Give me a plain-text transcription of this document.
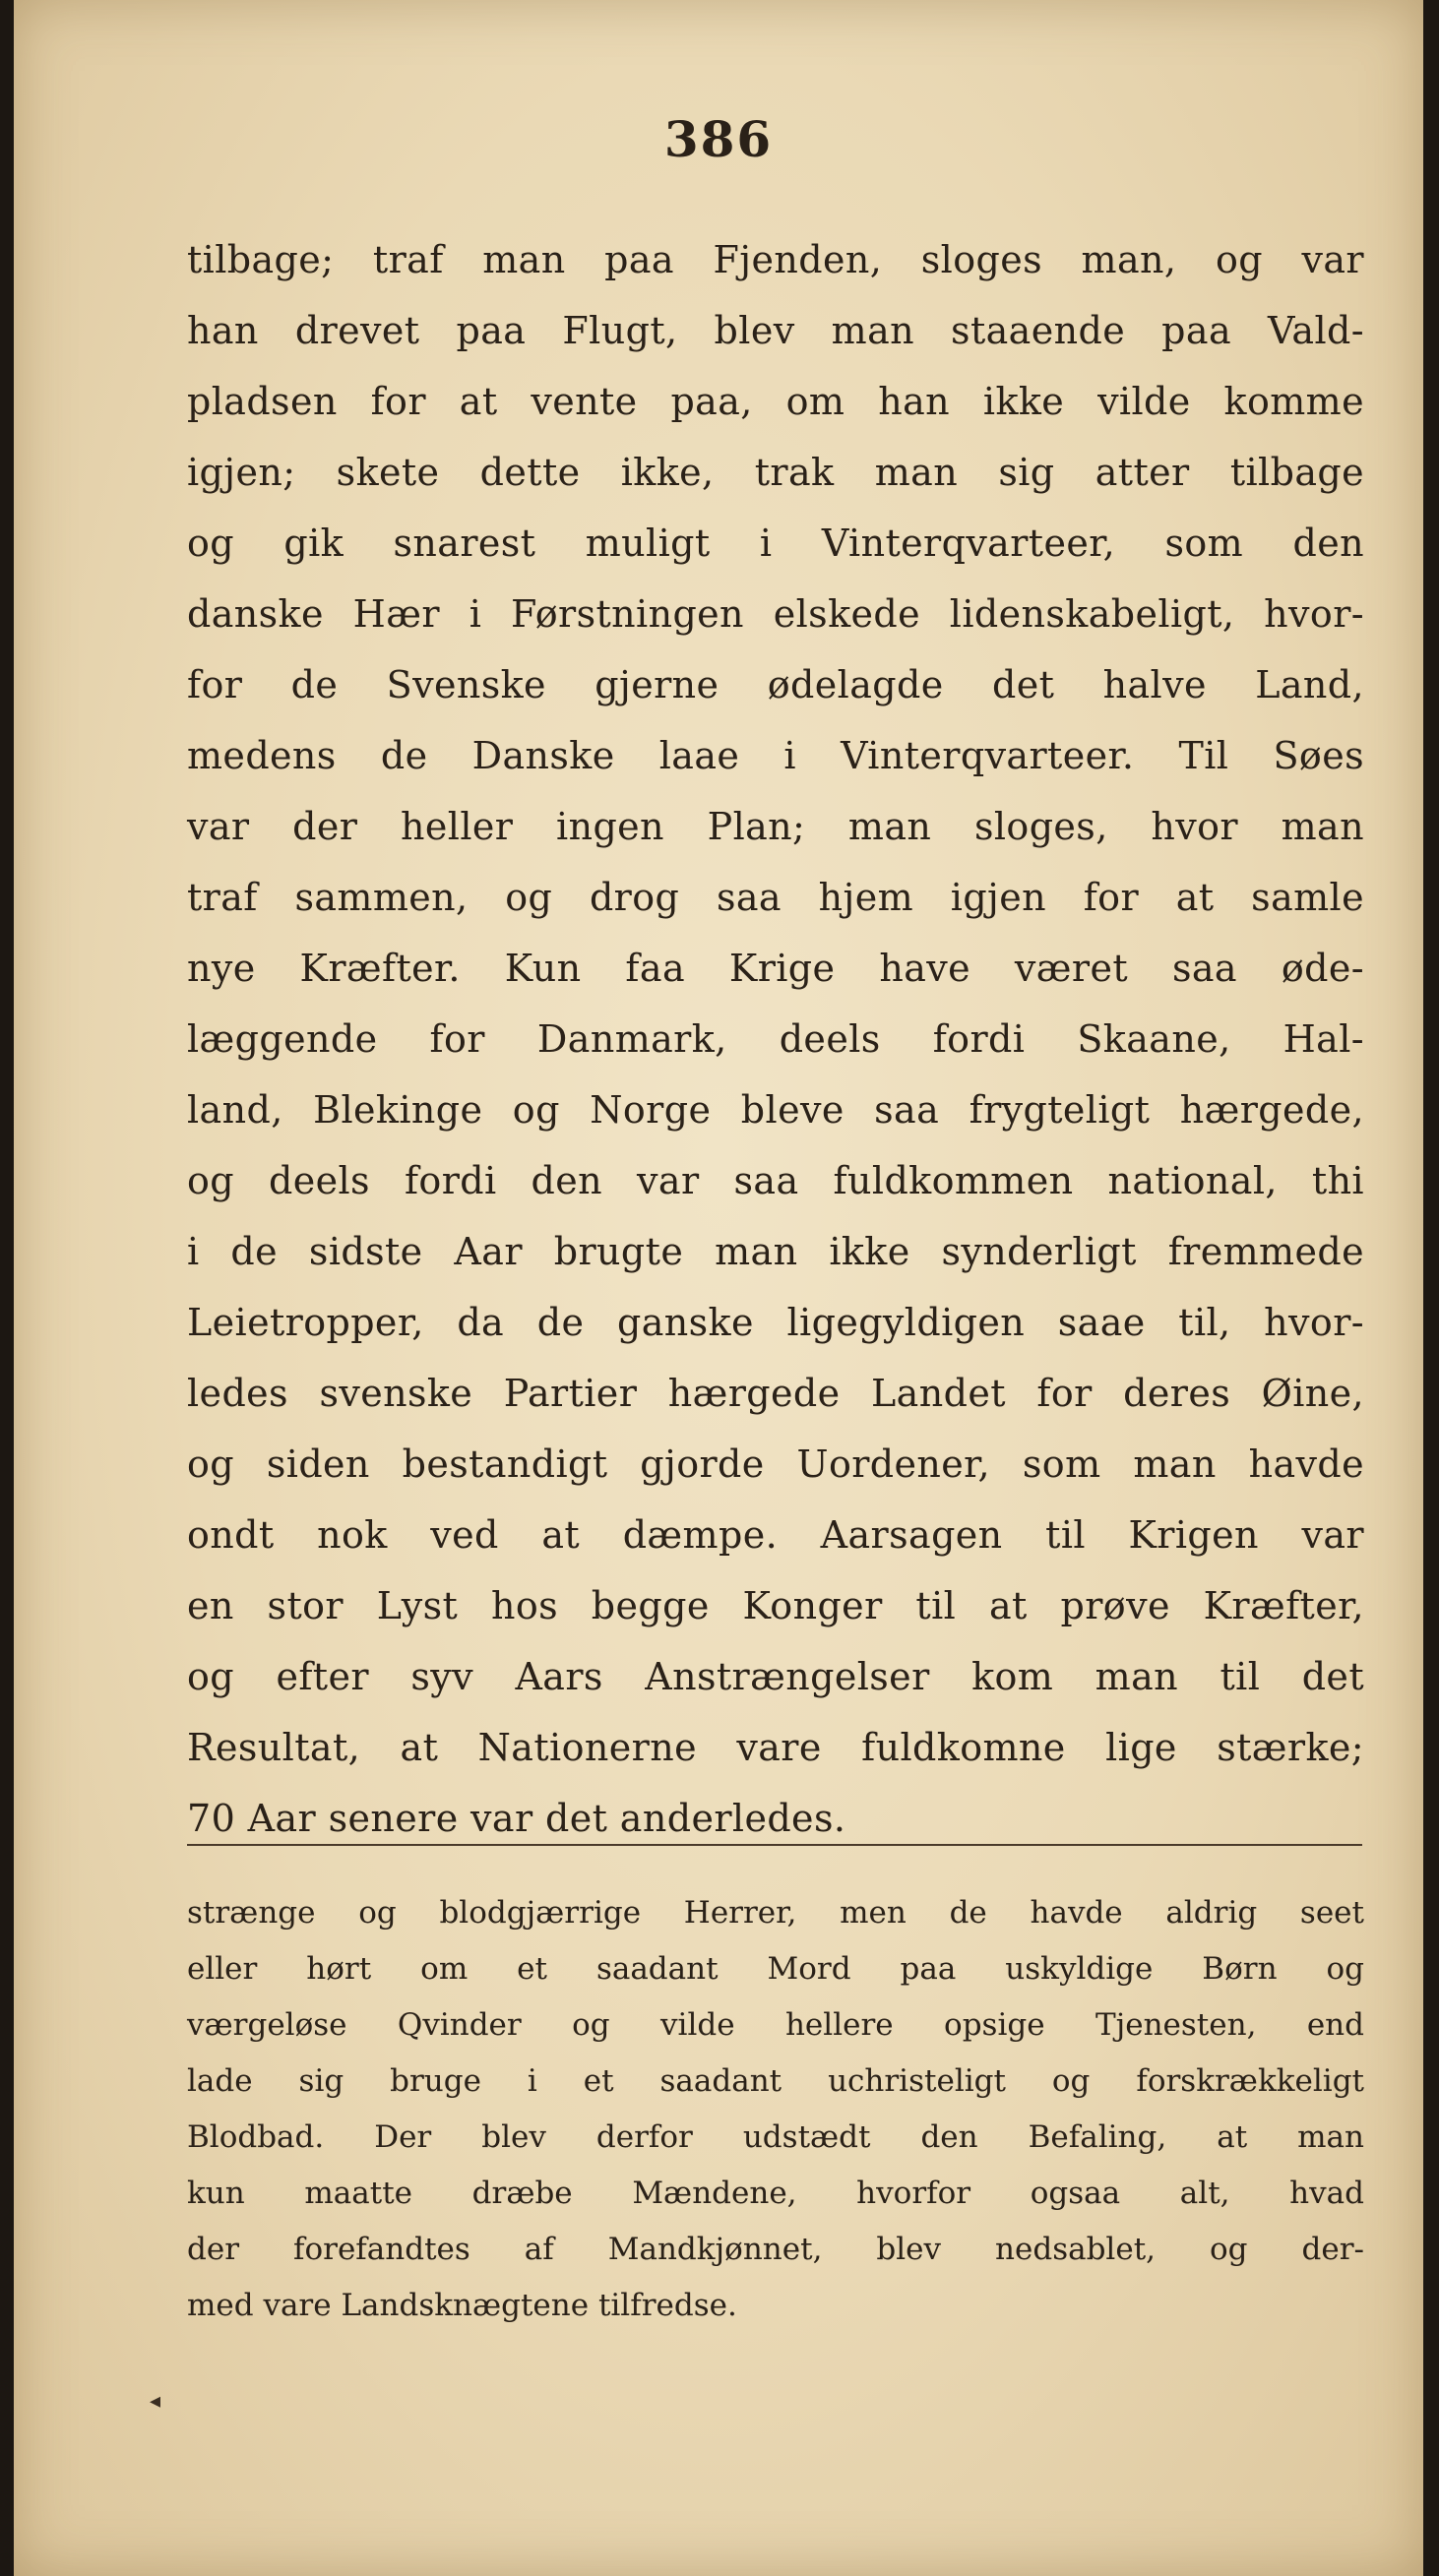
386
tilbage; traf man paa Fjenden, sloges man, og var
han drevet paa Flugt, blev man staaende paa Vald-
pladsen for at vente paa, om han ikke vilde komme
igjen; skete dette ikke, trak man sig atter tilbage
og gik snarest muligt i Vinterqvarteer, som den
danske Hær i Førstningen elskede lidenskabeligt, hvor-
for de Svenske gjerne ødelagde det halve Land,
medens de Danske laae i Vinterqvarteer. Til Søes
var der heller ingen Plan; man sloges, hvor man
traf sammen, og drog saa hjem igjen for at samle
nye Kræfter. Kun faa Krige have været saa øde-
læggende for Danmark, deels fordi Skaane, Hal-
land, Blekinge og Norge bleve saa frygteligt hærgede,
og deels fordi den var saa fuldkommen national, thi
i de sidste Aar brugte man ikke synderligt fremmede
Leietropper, da de ganske ligegyldigen saae til, hvor-
ledes svenske Partier hærgede Landet for deres Øine,
og siden bestandigt gjorde Uordener, som man havde
ondt nok ved at dæmpe. Aarsagen til Krigen var
en stor Lyst hos begge Konger til at prøve Kræfter,
og efter syv Aars Anstrængelser kom man til det
Resultat, at Nationerne vare fuldkomne lige stærke;
70 Aar senere var det anderledes.
strænge og blodgjærrige Herrer, men de havde aldrig seet
eller hørt om et saadant Mord paa uskyldige Børn og
værgeløse Qvinder og vilde hellere opsige Tjenesten, end
lade sig bruge i et saadant uchristeligt og forskrækkeligt
Blodbad. Der blev derfor udstædt den Befaling, at man
kun maatte dræbe Mændene, hvorfor ogsaa alt, hvad
der forefandtes af Mandkjønnet, blev nedsablet, og der-
med vare Landsknægtene tilfredse.
◂
